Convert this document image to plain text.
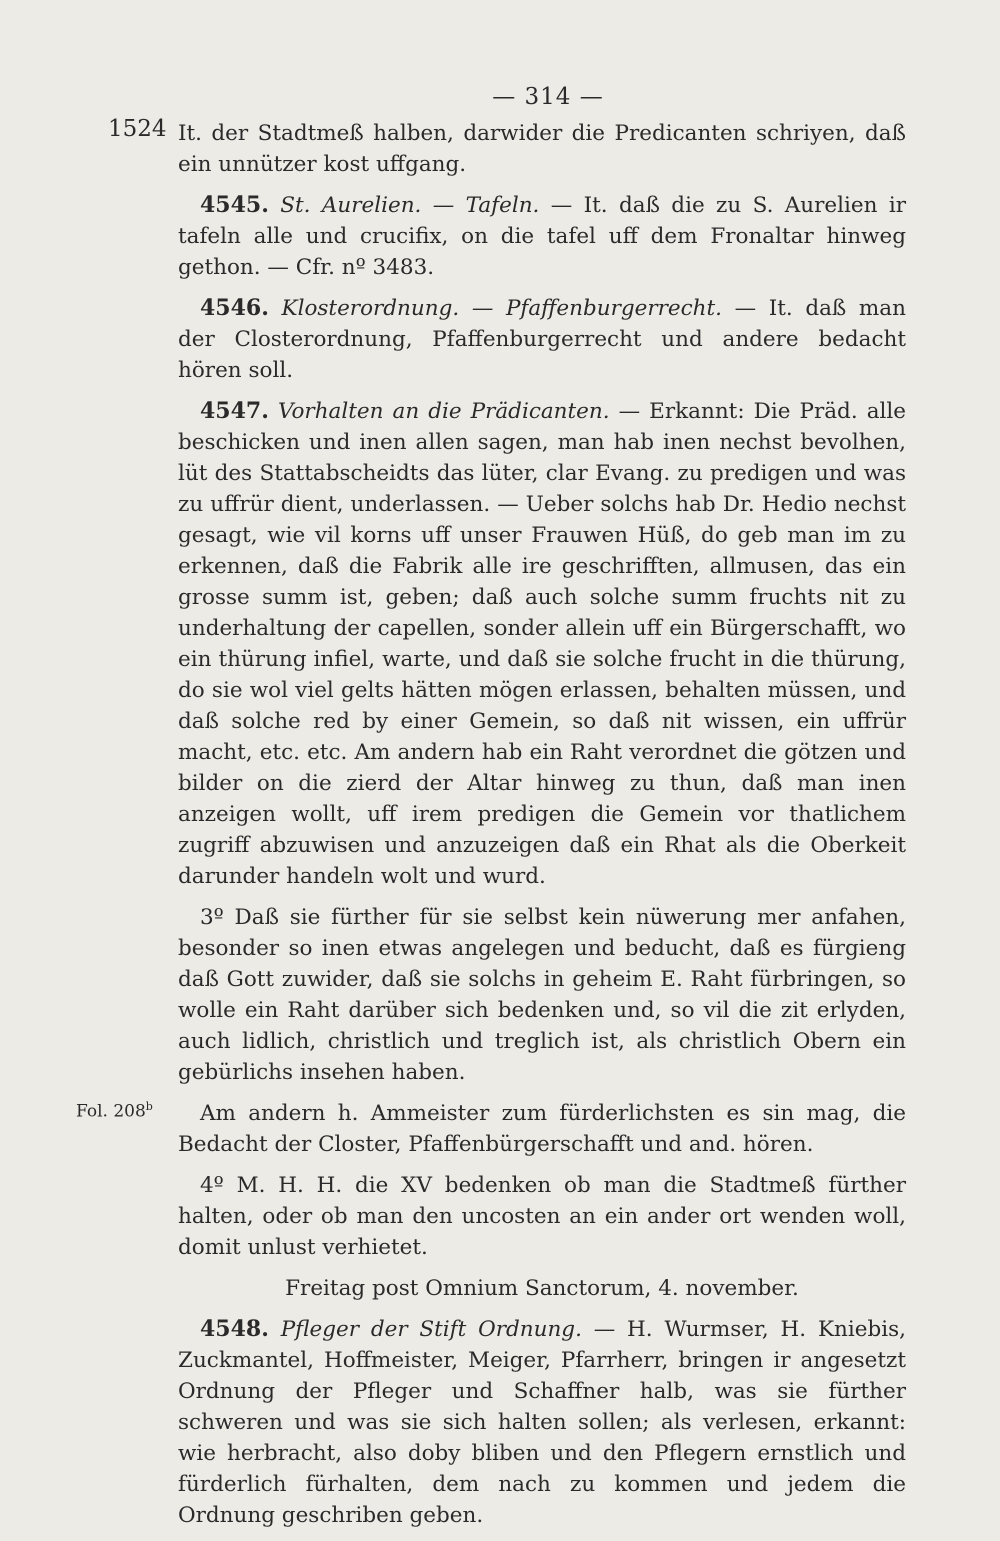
— 314 —
1524
Fol. 208$^b$

It. der Stadtmeß halben, darwider die Predicanten schriyen, daß ein unnützer kost uffgang.

4545. St. Aurelien. — Tafeln. — It. daß die zu S. Aurelien ir tafeln alle und crucifix, on die tafel uff dem Fronaltar hinweg gethon. — Cfr. nº 3483.

4546. Klosterordnung. — Pfaffenburgerrecht. — It. daß man der Closterordnung, Pfaffenburgerrecht und andere bedacht hören soll.

4547. Vorhalten an die Prädicanten. — Erkannt: Die Präd. alle beschicken und inen allen sagen, man hab inen nechst bevolhen, lüt des Stattabscheidts das lüter, clar Evang. zu predigen und was zu uffrür dient, underlassen. — Ueber solchs hab Dr. Hedio nechst gesagt, wie vil korns uff unser Frauwen Hüß, do geb man im zu erkennen, daß die Fabrik alle ire geschrifften, allmusen, das ein grosse summ ist, geben; daß auch solche summ fruchts nit zu underhaltung der capellen, sonder allein uff ein Bürgerschafft, wo ein thürung infiel, warte, und daß sie solche frucht in die thürung, do sie wol viel gelts hätten mögen erlassen, behalten müssen, und daß solche red by einer Gemein, so daß nit wissen, ein uffrür macht, etc. etc. Am andern hab ein Raht verordnet die götzen und bilder on die zierd der Altar hinweg zu thun, daß man inen anzeigen wollt, uff irem predigen die Gemein vor thatlichem zugriff abzuwisen und anzuzeigen daß ein Rhat als die Oberkeit darunder handeln wolt und wurd.

3º Daß sie fürther für sie selbst kein nüwerung mer anfahen, besonder so inen etwas angelegen und beducht, daß es fürgieng daß Gott zuwider, daß sie solchs in geheim E. Raht fürbringen, so wolle ein Raht darüber sich bedenken und, so vil die zit erlyden, auch lidlich, christlich und treglich ist, als christlich Obern ein gebürlichs insehen haben.

Am andern h. Ammeister zum fürderlichsten es sin mag, die Bedacht der Closter, Pfaffenbürgerschafft und and. hören.

4º M. H. H. die XV bedenken ob man die Stadtmeß fürther halten, oder ob man den uncosten an ein ander ort wenden woll, domit unlust verhietet.

Freitag post Omnium Sanctorum, 4. november.

4548. Pfleger der Stift Ordnung. — H. Wurmser, H. Kniebis, Zuckmantel, Hoffmeister, Meiger, Pfarrherr, bringen ir angesetzt Ordnung der Pfleger und Schaffner halb, was sie fürther schweren und was sie sich halten sollen; als verlesen, erkannt: wie herbracht, also doby bliben und den Pflegern ernstlich und fürderlich fürhalten, dem nach zu kommen und jedem die Ordnung geschriben geben.
